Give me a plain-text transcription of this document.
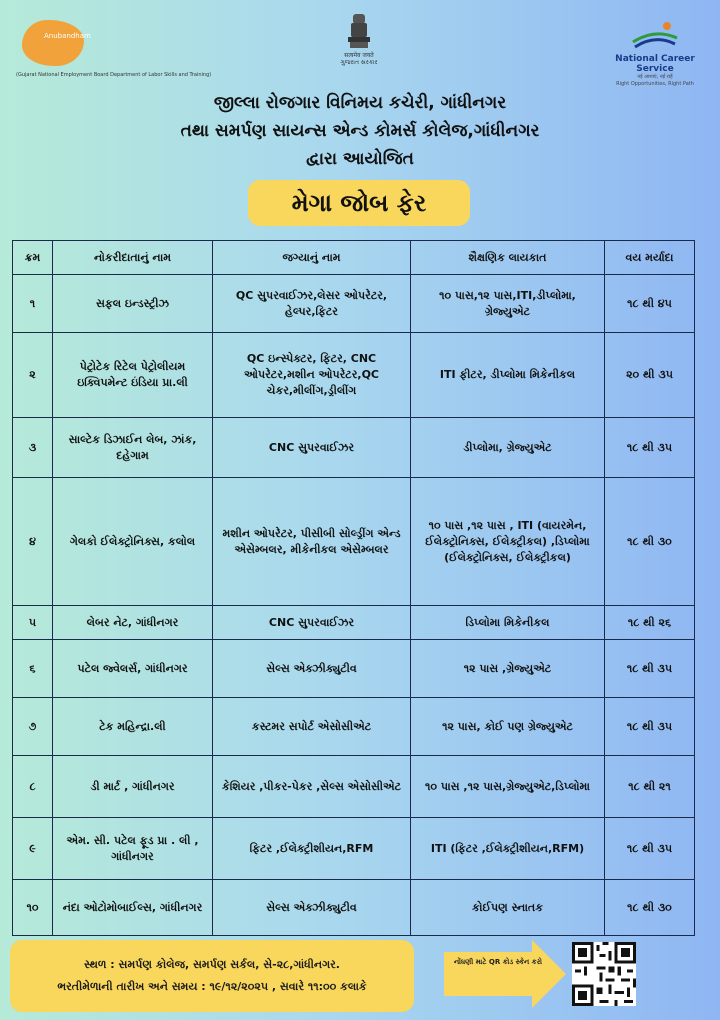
Anubandham
(Gujarat National Employment Board Department of Labor Skills and Training)
सत्यमेव जयते
ગુજરાત સરકાર	National Career Service
नई आशाएं, नई राहें
Right Opportunities, Right Path
જીલ્લા રોજગાર વિનિમય કચેરી, ગાંધીનગર
તથા સમર્પણ સાયન્સ એન્ડ કોમર્સ કોલેજ,ગાંધીનગર
દ્વારા આયોજિત
મેગા જોબ ફેર
ક્રમ	નોકરીદાતાનું નામ	જગ્યાનું નામ	શૈક્ષણિક લાયકાત	વય મર્યાદા
૧	સફલ ઇન્ડસ્ટ્રીઝ	QC સુપરવાઈઝર,લેસર ઓપરેટર, હેલ્પર,ફિટર	૧૦ પાસ,૧૨ પાસ,ITI,ડીપ્લોમા, ગ્રેજ્યુએટ	૧૮ થી ૪૫
૨	પેટ્રોટેક રિટેલ પેટ્રોલીયમ ઇક્વિપમેન્ટ ઇંડિયા પ્રા.લી	QC ઇન્સ્પેક્ટર, ફિટર, CNC ઓપરેટર,મશીન ઓપરેટર,QC ચેકર,મીલીંગ,ડ્રીલીંગ	ITI ફીટર, ડીપ્લોમા મિકેનીકલ	૨૦ થી ૩૫
૩	સાલ્ટેક ડિઝાઈન લેબ, ઝાંક, દહેગામ	CNC સુપરવાઈઝર	ડીપ્લોમા, ગ્રેજ્યુએટ	૧૮ થી ૩૫
૪	ગેલકો ઈલેક્ટ્રોનિક્સ, કલોલ	મશીન ઓપરેટર, પીસીબી સોલ્ડ્રીંગ એન્ડ એસેમ્બલર, મીકેનીકલ એસેમ્બલર	૧૦ પાસ ,૧૨ પાસ , ITI (વાયરમેન, ઈલેક્ટ્રોનિક્સ, ઈલેક્ટ્રીકલ) ,ડિપ્લોમા (ઈલેક્ટ્રોનિક્સ, ઈલેક્ટ્રીકલ)	૧૮ થી ૩૦
૫	લેબર નેટ, ગાંધીનગર	CNC સુપરવાઈઝર	ડિપ્લોમા મિકેનીકલ	૧૮ થી ૨૬
૬	પટેલ જ્વેલર્સ, ગાંધીનગર	સેલ્સ એક્ઝીક્યુટીવ	૧૨ પાસ ,ગ્રેજ્યુએટ	૧૮ થી ૩૫
૭	ટેક મહિન્દ્રા.લી	કસ્ટમર સપોર્ટ એસોસીએટ	૧૨ પાસ, કોઈ પણ ગ્રેજ્યુએટ	૧૮ થી ૩૫
૮	ડી માર્ટ , ગાંધીનગર	કેશિયર ,પીકર-પેકર ,સેલ્સ એસોસીએટ	૧૦ પાસ ,૧૨ પાસ,ગ્રેજ્યુએટ,ડિપ્લોમા	૧૮ થી ૨૧
૯	એમ. સી. પટેલ ફૂડ પ્રા . લી , ગાંધીનગર	ફિટર ,ઈલેક્ટ્રીશીયન,RFM	ITI (ફિટર ,ઈલેક્ટ્રીશીયન,RFM)	૧૮ થી ૩૫
૧૦	નંદા ઓટોમોબાઈલ્સ, ગાંધીનગર	સેલ્સ એક્ઝીક્યુટીવ	કોઈપણ સ્નાતક	૧૮ થી ૩૦
સ્થળ : સમર્પણ કોલેજ, સમર્પણ સર્કલ, સે-૨૮,ગાંધીનગર.
ભરતીમેળાની તારીખ અને સમય : ૧૯/૧૨/૨૦૨૫ , સવારે ૧૧:૦૦ કલાકે
નોંધણી માટે QR કોડ સ્કેન કરો
